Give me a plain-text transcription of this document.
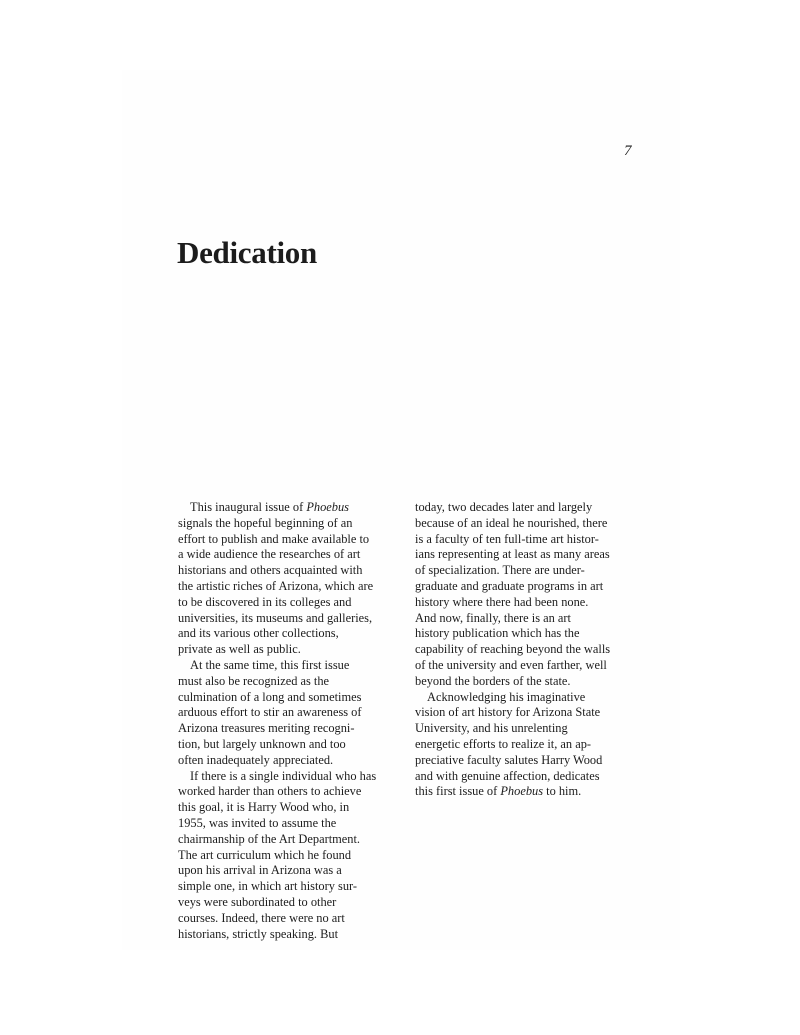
7
Dedication
This inaugural issue of Phoebus
signals the hopeful beginning of an
effort to publish and make available to
a wide audience the researches of art
historians and others acquainted with
the artistic riches of Arizona, which are
to be discovered in its colleges and
universities, its museums and galleries,
and its various other collections,
private as well as public.
At the same time, this first issue
must also be recognized as the
culmination of a long and sometimes
arduous effort to stir an awareness of
Arizona treasures meriting recogni-
tion, but largely unknown and too
often inadequately appreciated.
If there is a single individual who has
worked harder than others to achieve
this goal, it is Harry Wood who, in
1955, was invited to assume the
chairmanship of the Art Department.
The art curriculum which he found
upon his arrival in Arizona was a
simple one, in which art history sur-
veys were subordinated to other
courses. Indeed, there were no art
historians, strictly speaking. But
today, two decades later and largely
because of an ideal he nourished, there
is a faculty of ten full-time art histor-
ians representing at least as many areas
of specialization. There are under-
graduate and graduate programs in art
history where there had been none.
And now, finally, there is an art
history publication which has the
capability of reaching beyond the walls
of the university and even farther, well
beyond the borders of the state.
Acknowledging his imaginative
vision of art history for Arizona State
University, and his unrelenting
energetic efforts to realize it, an ap-
preciative faculty salutes Harry Wood
and with genuine affection, dedicates
this first issue of Phoebus to him.
